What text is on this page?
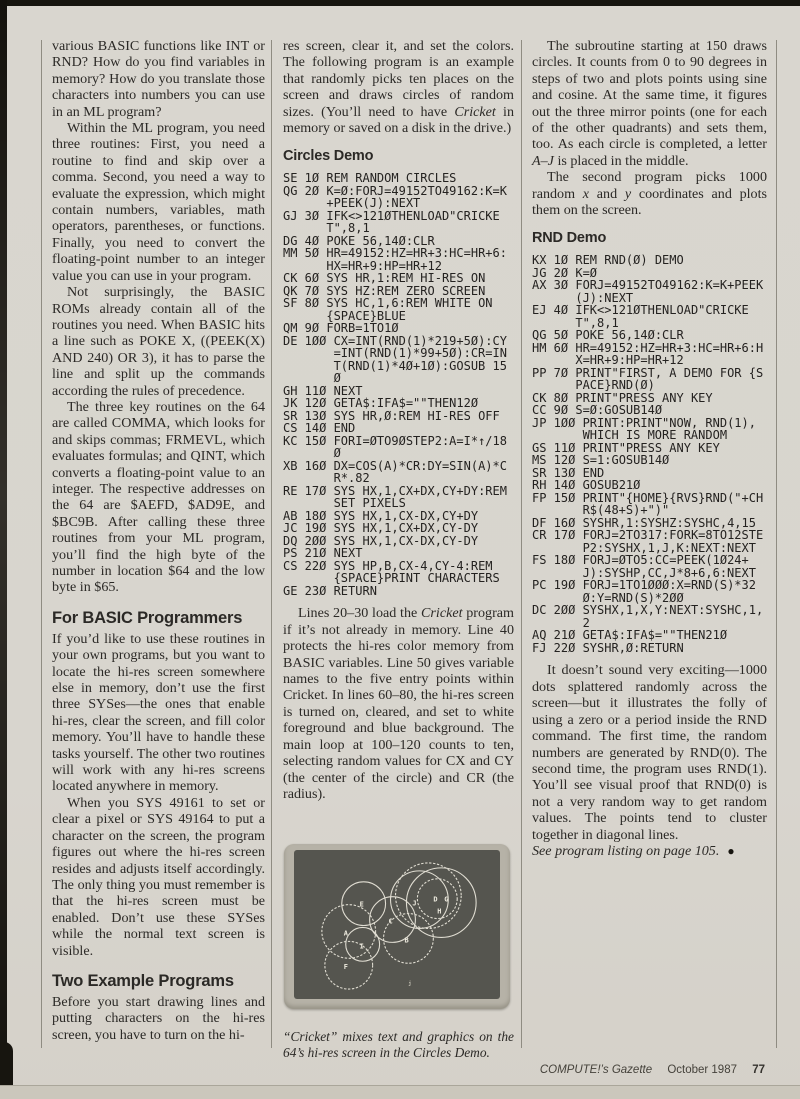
various BASIC functions like INT or RND? How do you find variables in memory? How do you translate those characters into numbers you can use in an ML program?

Within the ML program, you need three routines: First, you need a routine to find and skip over a comma. Second, you need a way to evaluate the expression, which might contain numbers, variables, math operators, parentheses, or functions. Finally, you need to convert the floating-point number to an integer value you can use in your program.

Not surprisingly, the BASIC ROMs already contain all of the routines you need. When BASIC hits a line such as POKE X, ((PEEK(X) AND 240) OR 3), it has to parse the line and split up the commands according the rules of precedence.

The three key routines on the 64 are called COMMA, which looks for and skips commas; FRMEVL, which evaluates formulas; and QINT, which converts a floating-point value to an integer. The respective addresses on the 64 are $AEFD, $AD9E, and $BC9B. After calling these three routines from your ML program, you’ll find the high byte of the number in location $64 and the low byte in $65.

For BASIC Programmers

If you’d like to use these routines in your own programs, but you want to locate the hi-res screen somewhere else in memory, don’t use the first three SYSes—the ones that enable hi-res, clear the screen, and fill color memory. You’ll have to handle these tasks yourself. The other two routines will work with any hi-res screens located anywhere in memory.

When you SYS 49161 to set or clear a pixel or SYS 49164 to put a character on the screen, the program figures out where the hi-res screen resides and adjusts itself accordingly. The only thing you must remember is that the hi-res screen must be enabled. Don’t use these SYSes while the normal text screen is visible.

Two Example Programs

Before you start drawing lines and putting characters on the hi-res screen, you have to turn on the hi-

res screen, clear it, and set the colors. The following program is an example that randomly picks ten places on the screen and draws circles of random sizes. (You’ll need to have Cricket in memory or saved on a disk in the drive.)

Circles Demo
SE 1Ø REM RANDOM CIRCLES
QG 2Ø K=Ø:FORJ=49152TO49162:K=K+PEEK(J):NEXT
GJ 3Ø IFK<>121ØTHENLOAD"CRICKET",8,1
DG 4Ø POKE 56,14Ø:CLR
MM 5Ø HR=49152:HZ=HR+3:HC=HR+6:HX=HR+9:HP=HR+12
CK 6Ø SYS HR,1:REM HI-RES ON
QK 7Ø SYS HZ:REM ZERO SCREEN
SF 8Ø SYS HC,1,6:REM WHITE ON {SPACE}BLUE
QM 9Ø FORB=1TO1Ø
DE 1ØØ CX=INT(RND(1)*219+5Ø):CY=INT(RND(1)*99+5Ø):CR=INT(RND(1)*4Ø+1Ø):GOSUB 15Ø
GH 11Ø NEXT
JK 12Ø GETA$:IFA$=""THEN12Ø
SR 13Ø SYS HR,Ø:REM HI-RES OFF
CS 14Ø END
KC 15Ø FORI=ØTO9ØSTEP2:A=I*↑/18Ø
XB 16Ø DX=COS(A)*CR:DY=SIN(A)*CR*.82
RE 17Ø SYS HX,1,CX+DX,CY+DY:REM SET PIXELS
AB 18Ø SYS HX,1,CX-DX,CY+DY
JC 19Ø SYS HX,1,CX+DX,CY-DY
DQ 2ØØ SYS HX,1,CX-DX,CY-DY
PS 21Ø NEXT
CS 22Ø SYS HP,B,CX-4,CY-4:REM {SPACE}PRINT CHARACTERS
GE 23Ø RETURN

Lines 20–30 load the Cricket program if it’s not already in memory. Line 40 protects the hi-res color memory from BASIC variables. Line 50 gives variable names to the five entry points within Cricket. In lines 60–80, the hi-res screen is turned on, cleared, and set to white foreground and blue background. The main loop at 100–120 counts to ten, selecting random values for CX and CY (the center of the circle) and CR (the radius).

E
A
I
F
C
B
J	G
H
D
j

“Cricket” mixes text and graphics on the 64’s hi-res screen in the Circles Demo.

The subroutine starting at 150 draws circles. It counts from 0 to 90 degrees in steps of two and plots points using sine and cosine. At the same time, it figures out the three mirror points (one for each of the other quadrants) and sets them, too. As each circle is completed, a letter A–J is placed in the middle.

The second program picks 1000 random x and y coordinates and plots them on the screen.

RND Demo
KX 1Ø REM RND(Ø) DEMO
JG 2Ø K=Ø
AX 3Ø FORJ=49152TO49162:K=K+PEEK(J):NEXT
EJ 4Ø IFK<>121ØTHENLOAD"CRICKET",8,1
QG 5Ø POKE 56,14Ø:CLR
HM 6Ø HR=49152:HZ=HR+3:HC=HR+6:HX=HR+9:HP=HR+12
PP 7Ø PRINT"FIRST, A DEMO FOR {SPACE}RND(Ø)
CK 8Ø PRINT"PRESS ANY KEY
CC 9Ø S=Ø:GOSUB14Ø
JP 1ØØ PRINT:PRINT"NOW, RND(1), WHICH IS MORE RANDOM
GS 11Ø PRINT"PRESS ANY KEY
MS 12Ø S=1:GOSUB14Ø
SR 13Ø END
RH 14Ø GOSUB21Ø
FP 15Ø PRINT"{HOME}{RVS}RND("+CHR$(48+S)+")"
DF 16Ø SYSHR,1:SYSHZ:SYSHC,4,15
CR 17Ø FORJ=2TO317:FORK=8TO12STEP2:SYSHX,1,J,K:NEXT:NEXT
FS 18Ø FORJ=ØTO5:CC=PEEK(1Ø24+J):SYSHP,CC,J*8+6,6:NEXT
PC 19Ø FORJ=1TO1ØØØ:X=RND(S)*32Ø:Y=RND(S)*2ØØ
DC 2ØØ SYSHX,1,X,Y:NEXT:SYSHC,1,2
AQ 21Ø GETA$:IFA$=""THEN21Ø
FJ 22Ø SYSHR,Ø:RETURN

It doesn’t sound very exciting—1000 dots splattered randomly across the screen—but it illustrates the folly of using a zero or a period inside the RND command. The first time, the random numbers are generated by RND(0). The second time, the program uses RND(1). You’ll see visual proof that RND(0) is not a very random way to get random values. The points tend to cluster together in diagonal lines.

See program listing on page 105. ●

COMPUTE!’s Gazette October 1987 77
